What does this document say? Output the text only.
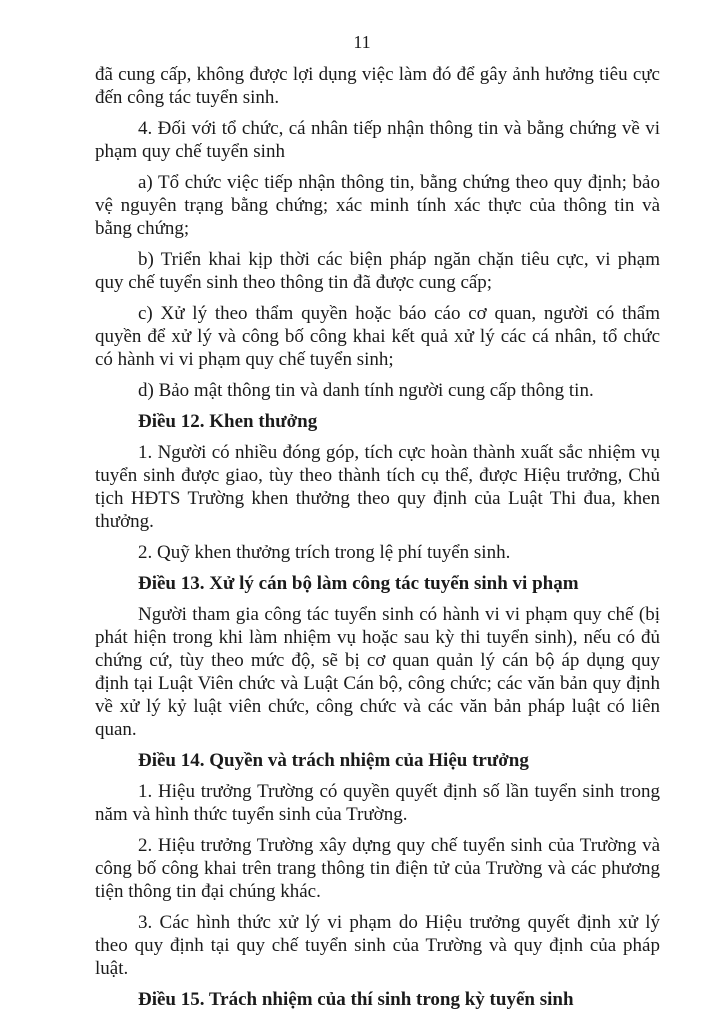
11

đã cung cấp, không được lợi dụng việc làm đó để gây ảnh hưởng tiêu cực đến công tác tuyển sinh.

4. Đối với tổ chức, cá nhân tiếp nhận thông tin và bằng chứng về vi phạm quy chế tuyển sinh

a) Tổ chức việc tiếp nhận thông tin, bằng chứng theo quy định; bảo vệ nguyên trạng bằng chứng; xác minh tính xác thực của thông tin và bằng chứng;

b) Triển khai kịp thời các biện pháp ngăn chặn tiêu cực, vi phạm quy chế tuyển sinh theo thông tin đã được cung cấp;

c) Xử lý theo thẩm quyền hoặc báo cáo cơ quan, người có thẩm quyền để xử lý và công bố công khai kết quả xử lý các cá nhân, tổ chức có hành vi vi phạm quy chế tuyển sinh;

d) Bảo mật thông tin và danh tính người cung cấp thông tin.

Điều 12. Khen thưởng

1. Người có nhiều đóng góp, tích cực hoàn thành xuất sắc nhiệm vụ tuyển sinh được giao, tùy theo thành tích cụ thể, được Hiệu trưởng, Chủ tịch HĐTS Trường khen thưởng theo quy định của Luật Thi đua, khen thưởng.

2. Quỹ khen thưởng trích trong lệ phí tuyển sinh.

Điều 13. Xử lý cán bộ làm công tác tuyển sinh vi phạm

Người tham gia công tác tuyển sinh có hành vi vi phạm quy chế (bị phát hiện trong khi làm nhiệm vụ hoặc sau kỳ thi tuyển sinh), nếu có đủ chứng cứ, tùy theo mức độ, sẽ bị cơ quan quản lý cán bộ áp dụng quy định tại Luật Viên chức và Luật Cán bộ, công chức; các văn bản quy định về xử lý kỷ luật viên chức, công chức và các văn bản pháp luật có liên quan.

Điều 14. Quyền và trách nhiệm của Hiệu trưởng

1. Hiệu trưởng Trường có quyền quyết định số lần tuyển sinh trong năm và hình thức tuyển sinh của Trường.

2. Hiệu trưởng Trường xây dựng quy chế tuyển sinh của Trường và công bố công khai trên trang thông tin điện tử của Trường và các phương tiện thông tin đại chúng khác.

3. Các hình thức xử lý vi phạm do Hiệu trưởng quyết định xử lý theo quy định tại quy chế tuyển sinh của Trường và quy định của pháp luật.

Điều 15. Trách nhiệm của thí sinh trong kỳ tuyển sinh
